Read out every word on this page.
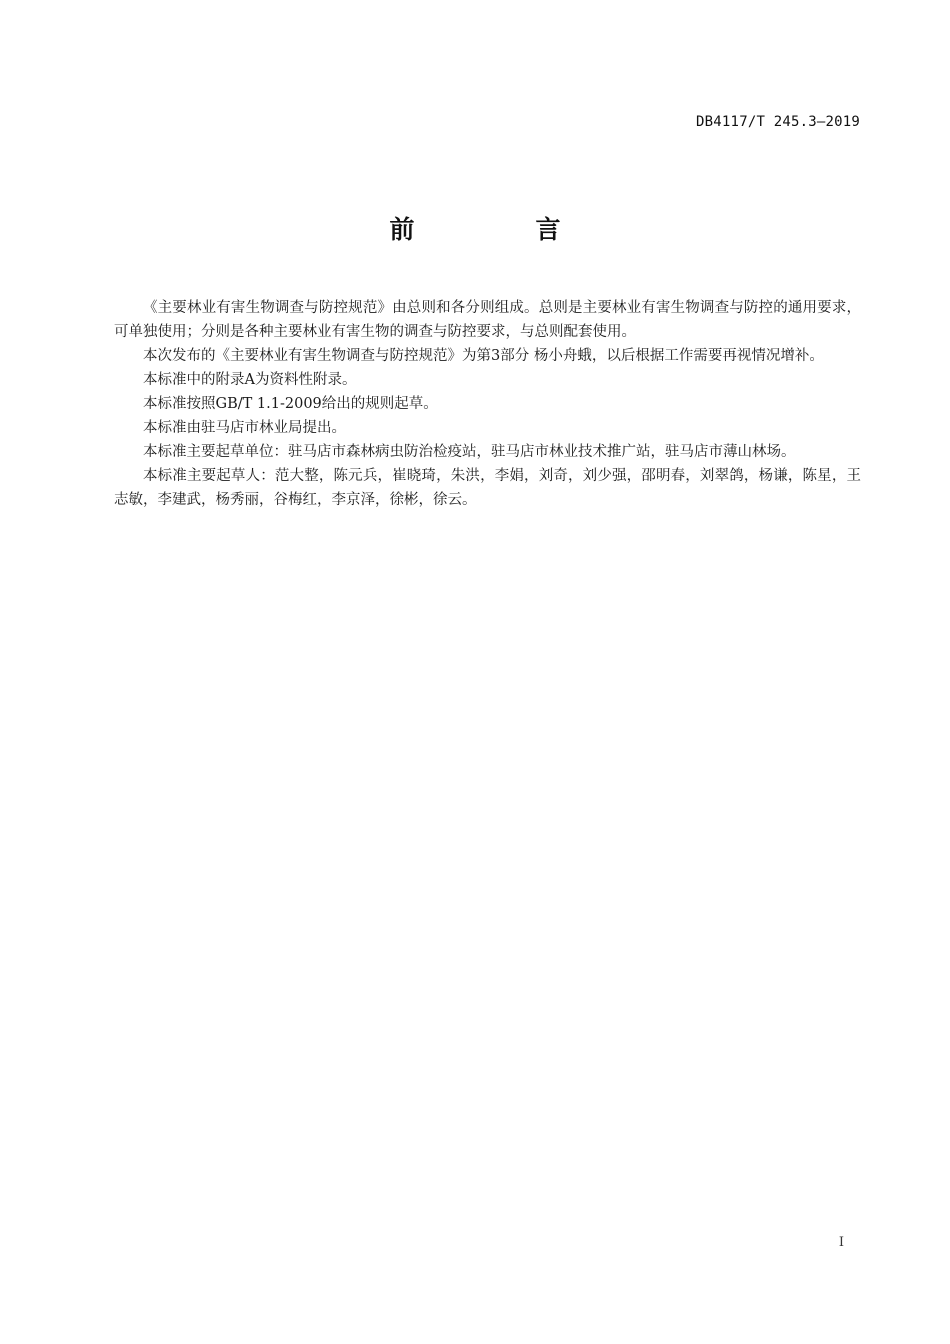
DB4117/T 245.3—2019
前　言

《主要林业有害生物调查与防控规范》由总则和各分则组成。总则是主要林业有害生物调查与防控的通用要求，可单独使用；分则是各种主要林业有害生物的调查与防控要求，与总则配套使用。

本次发布的《主要林业有害生物调查与防控规范》为第3部分 杨小舟蛾，以后根据工作需要再视情况增补。

本标准中的附录A为资料性附录。

本标准按照GB/T 1.1-2009给出的规则起草。

本标准由驻马店市林业局提出。

本标准主要起草单位：驻马店市森林病虫防治检疫站，驻马店市林业技术推广站，驻马店市薄山林场。

本标准主要起草人：范大整，陈元兵，崔晓琦，朱洪，李娟，刘奇，刘少强，邵明春，刘翠鸽，杨谦，陈星，王志敏，李建武，杨秀丽，谷梅红，李京泽，徐彬，徐云。

I
